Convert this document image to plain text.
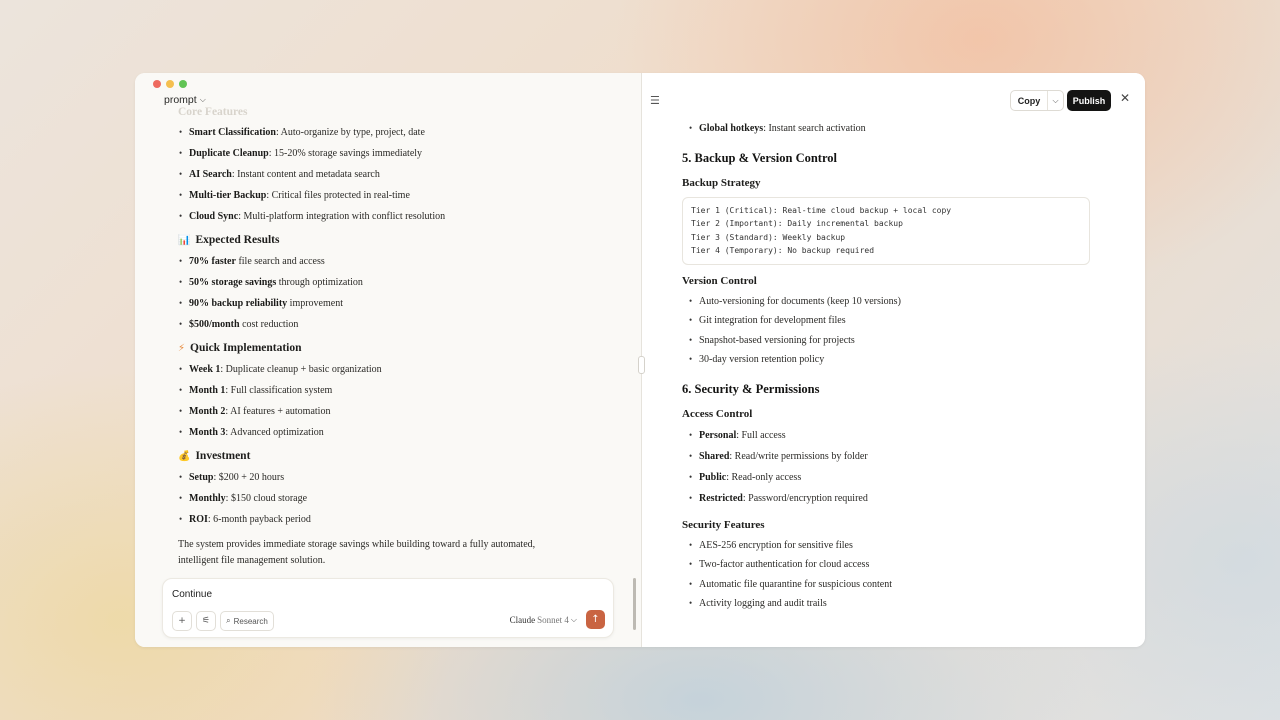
prompt ⌵
Core Features
• Smart Classification: Auto-organize by type, project, date
• Duplicate Cleanup: 15-20% storage savings immediately
• AI Search: Instant content and metadata search
• Multi-tier Backup: Critical files protected in real-time
• Cloud Sync: Multi-platform integration with conflict resolution
📊 Expected Results
• 70% faster file search and access
• 50% storage savings through optimization
• 90% backup reliability improvement
• $500/month cost reduction
⚡ Quick Implementation
• Week 1: Duplicate cleanup + basic organization
• Month 1: Full classification system
• Month 2: AI features + automation
• Month 3: Advanced optimization
💰 Investment
• Setup: $200 + 20 hours
• Monthly: $150 cloud storage
• ROI: 6-month payback period
The system provides immediate storage savings while building toward a fully automated, intelligent file management solution.
Continue
+ ⚟ ⌕ Research	Claude Sonnet 4 ⌵ ↑
☰	Copy	⌵	Publish	✕
• Global hotkeys: Instant search activation
5. Backup & Version Control
Backup Strategy
Tier 1 (Critical): Real-time cloud backup + local copy
Tier 2 (Important): Daily incremental backup
Tier 3 (Standard): Weekly backup
Tier 4 (Temporary): No backup required
Version Control
• Auto-versioning for documents (keep 10 versions)
• Git integration for development files
• Snapshot-based versioning for projects
• 30-day version retention policy
6. Security & Permissions
Access Control
• Personal: Full access
• Shared: Read/write permissions by folder
• Public: Read-only access
• Restricted: Password/encryption required
Security Features
• AES-256 encryption for sensitive files
• Two-factor authentication for cloud access
• Automatic file quarantine for suspicious content
• Activity logging and audit trails
